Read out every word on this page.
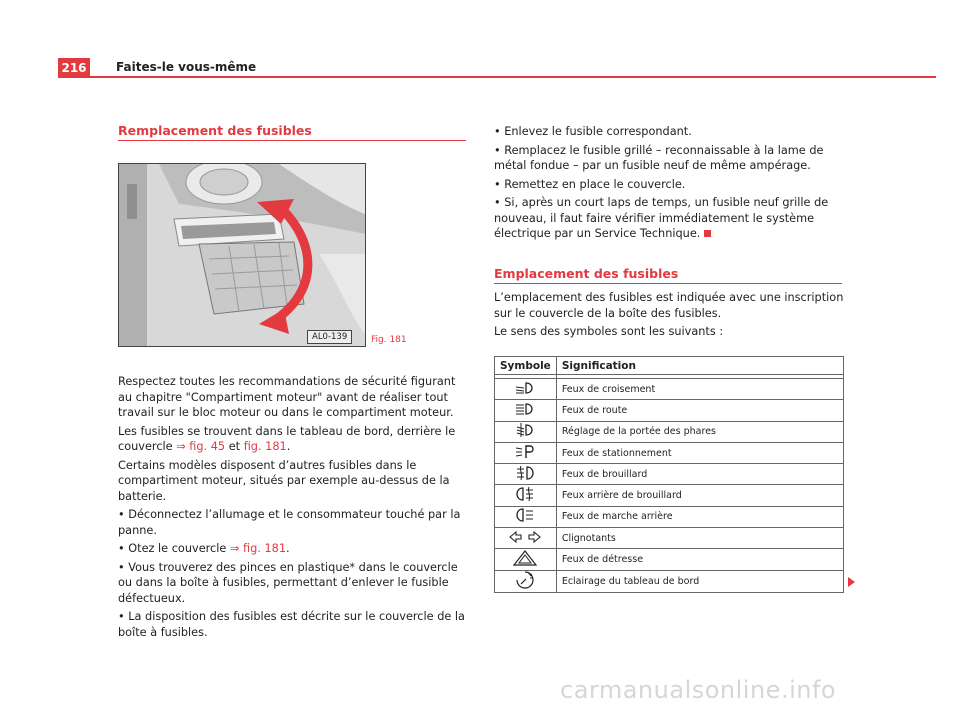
216 Faites-le vous-même
Remplacement des fusibles
AL0-139	Fig. 181

Respectez toutes les recommandations de sécurité figurant au chapitre "Compartiment moteur" avant de réaliser tout travail sur le bloc moteur ou dans le compartiment moteur.

Les fusibles se trouvent dans le tableau de bord, derrière le couvercle ⇒ fig. 45 et fig. 181.

Certains modèles disposent d’autres fusibles dans le compartiment moteur, situés par exemple au-dessus de la batterie.

• Déconnectez l’allumage et le consommateur touché par la panne.

• Otez le couvercle ⇒ fig. 181.

• Vous trouverez des pinces en plastique* dans le couvercle ou dans la boîte à fusibles, permettant d’enlever le fusible défectueux.

• La disposition des fusibles est décrite sur le couvercle de la boîte à fusibles.

• Enlevez le fusible correspondant.

• Remplacez le fusible grillé – reconnaissable à la lame de métal fondue – par un fusible neuf de même ampérage.

• Remettez en place le couvercle.

• Si, après un court laps de temps, un fusible neuf grille de nouveau, il faut faire vérifier immédiatement le système électrique par un Service Technique.

Emplacement des fusibles

L’emplacement des fusibles est indiquée avec une inscription sur le couvercle de la boîte des fusibles.

Le sens des symboles sont les suivants :

Symbole	Signification

	Feux de croisement
	Feux de route
	Réglage de la portée des phares
	Feux de stationnement
	Feux de brouillard
	Feux arrière de brouillard
	Feux de marche arrière
	Clignotants
	Feux de détresse
	Eclairage du tableau de bord
carmanualsonline.info
